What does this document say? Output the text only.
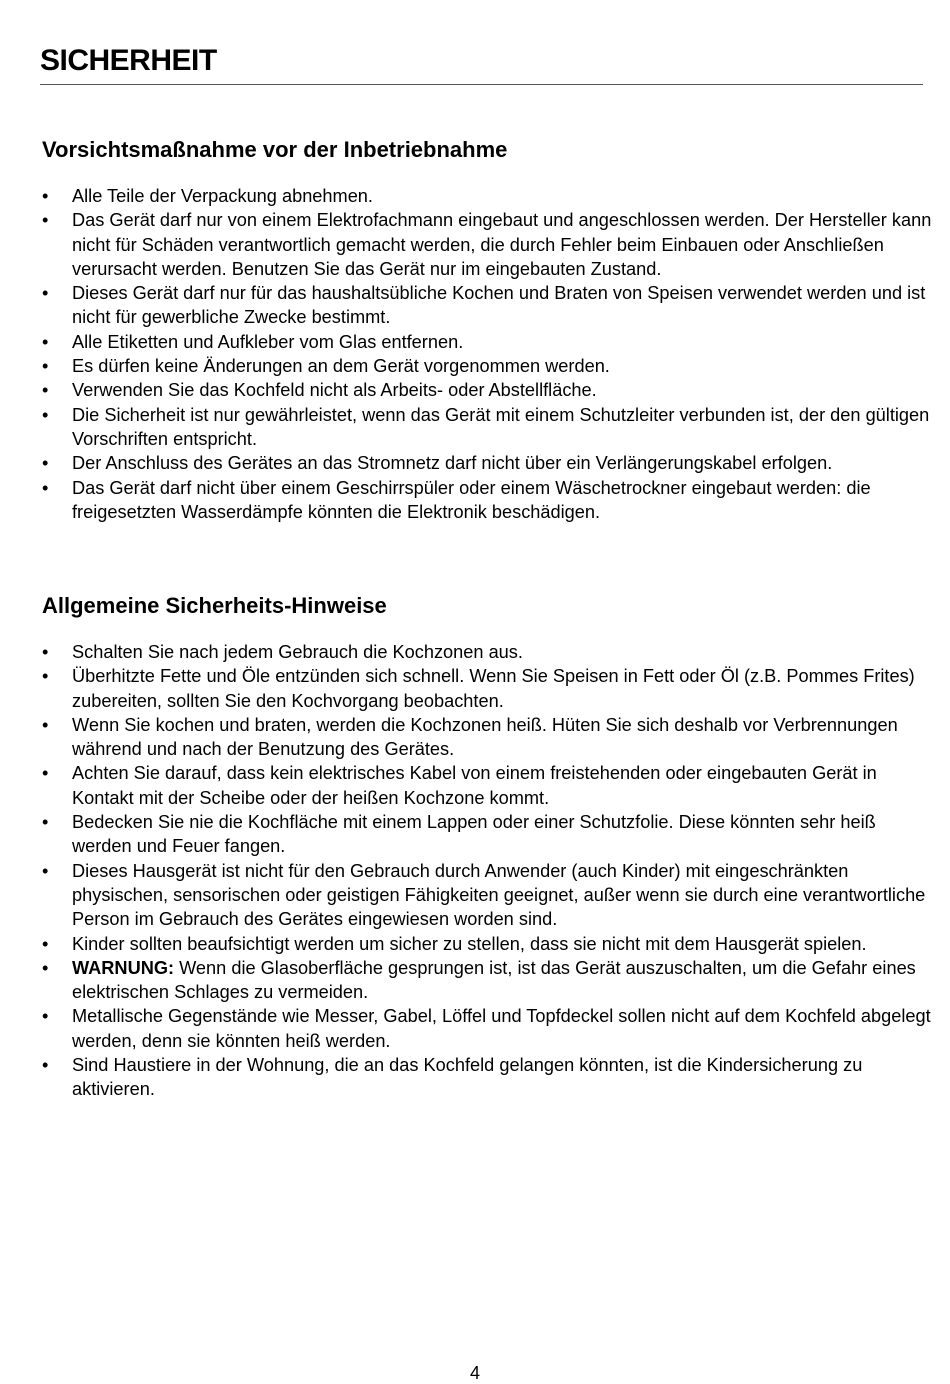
SICHERHEIT
Vorsichtsmaßnahme vor der Inbetriebnahme
• Alle Teile der Verpackung abnehmen.
• Das Gerät darf nur von einem Elektrofachmann eingebaut und angeschlossen werden. Der Hersteller kann nicht für Schäden verantwortlich gemacht werden, die durch Fehler beim Einbauen oder Anschließen verursacht werden. Benutzen Sie das Gerät nur im eingebauten Zustand.
• Dieses Gerät darf nur für das haushaltsübliche Kochen und Braten von Speisen verwendet werden und ist nicht für gewerbliche Zwecke bestimmt.
• Alle Etiketten und Aufkleber vom Glas entfernen.
• Es dürfen keine Änderungen an dem Gerät vorgenommen werden.
• Verwenden Sie das Kochfeld nicht als Arbeits- oder Abstellfläche.
• Die Sicherheit ist nur gewährleistet, wenn das Gerät mit einem Schutzleiter verbunden ist, der den gültigen Vorschriften entspricht.
• Der Anschluss des Gerätes an das Stromnetz darf nicht über ein Verlängerungskabel erfolgen.
• Das Gerät darf nicht über einem Geschirrspüler oder einem Wäschetrockner eingebaut werden: die freigesetzten Wasserdämpfe könnten die Elektronik beschädigen.
Allgemeine Sicherheits-Hinweise
• Schalten Sie nach jedem Gebrauch die Kochzonen aus.
• Überhitzte Fette und Öle entzünden sich schnell. Wenn Sie Speisen in Fett oder Öl (z.B. Pommes Frites) zubereiten, sollten Sie den Kochvorgang beobachten.
• Wenn Sie kochen und braten, werden die Kochzonen heiß. Hüten Sie sich deshalb vor Verbrennungen während und nach der Benutzung des Gerätes.
• Achten Sie darauf, dass kein elektrisches Kabel von einem freistehenden oder eingebauten Gerät in Kontakt mit der Scheibe oder der heißen Kochzone kommt.
• Bedecken Sie nie die Kochfläche mit einem Lappen oder einer Schutzfolie. Diese könnten sehr heiß werden und Feuer fangen.
• Dieses Hausgerät ist nicht für den Gebrauch durch Anwender (auch Kinder) mit eingeschränkten physischen, sensorischen oder geistigen Fähigkeiten geeignet, außer wenn sie durch eine verantwortliche Person im Gebrauch des Gerätes eingewiesen worden sind.
• Kinder sollten beaufsichtigt werden um sicher zu stellen, dass sie nicht mit dem Hausgerät spielen.
• WARNUNG: Wenn die Glasoberfläche gesprungen ist, ist das Gerät auszuschalten, um die Gefahr eines elektrischen Schlages zu vermeiden.
• Metallische Gegenstände wie Messer, Gabel, Löffel und Topfdeckel sollen nicht auf dem Kochfeld abgelegt werden, denn sie könnten heiß werden.
• Sind Haustiere in der Wohnung, die an das Kochfeld gelangen könnten, ist die Kindersicherung zu aktivieren.
4
